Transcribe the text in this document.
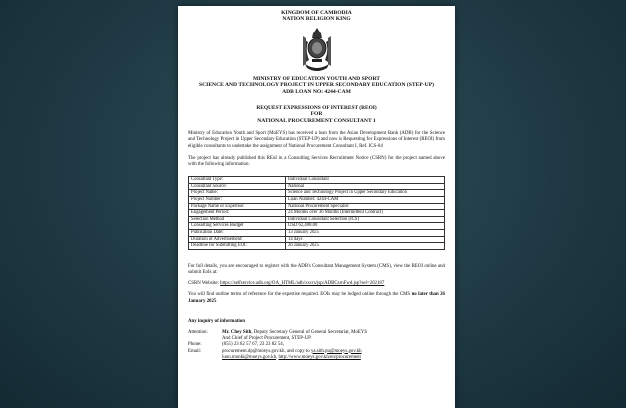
KINGDOM OF CAMBODIA
NATION RELIGION KING
MINISTRY OF EDUCATION YOUTH AND SPORT
SCIENCE AND TECHNOLOGY PROJECT IN UPPER SECONDARY EDUCATION (STEP-UP)
ADB LOAN NO: 4244-CAM
REQUEST EXPRESSIONS OF INTEREST (REOI)
FOR
NATIONAL PROCUREMENT CONSULTANT 1

Ministry of Education Youth and Sport (MoEYS) has received a loan from the Asian Development Bank (ADB) for the Science and Technology Project in Upper Secondary Education (STEP-UP) and now is Requesting for Expressions of Interest (REOI) from eligible consultants to undertake the assignment of National Procurement Consultant I, Ref. ICS-04

The project has already published this REoI in a Consulting Services Recruitment Notice (CSRN) for the project named above with the following information:

Consultant Type:	Individual Consultant
Consultant Source:	National
Project Name:	Science and Technology Project in Upper Secondary Education
Project Number:	Loan Number: 4244-CAM
Package Name or Expertise:	National Procurement Specialist
Engagement Period:	24 Months over 36 Months (Intermittent Contract)
Selection Method	Individual Consultant Selection (ICS)
Consulting Services Budget	USD 62,408.00
Publication Date:	13 January 2025
Duration of Advertisement:	14 days
Deadline for Submitting EOI:	26 January 2025

For full details, you are encouraged to register with the ADB's Consultant Management System (CMS), view the REOI online and submit EoIs at:

CSRN Website: https://selfservice.adb.org/OA_HTML/adb/xxcrs/jsp/ADBCsrnFwd.jsp?sel=202187

You will find outline terms of reference for the expertise required. EOIs may be lodged online through the CMS no later than 26 January 2025

Any inquiry of information
Attention:	Mr. Chey Sith, Deputy Secretary General of General Secretariat, MoEYS
And Chief of Project Procurement, STEP-UP
Phone:	(855) 23 62 57 67, 23 23 82 54,
Email:	procurement.dp@moeys.gov.kh, and copy to ya.sith.pu@moeys.gov.kh
luon.monki@moeys.gov.kh, http://www.moeys.gov.kh/en/procurement
